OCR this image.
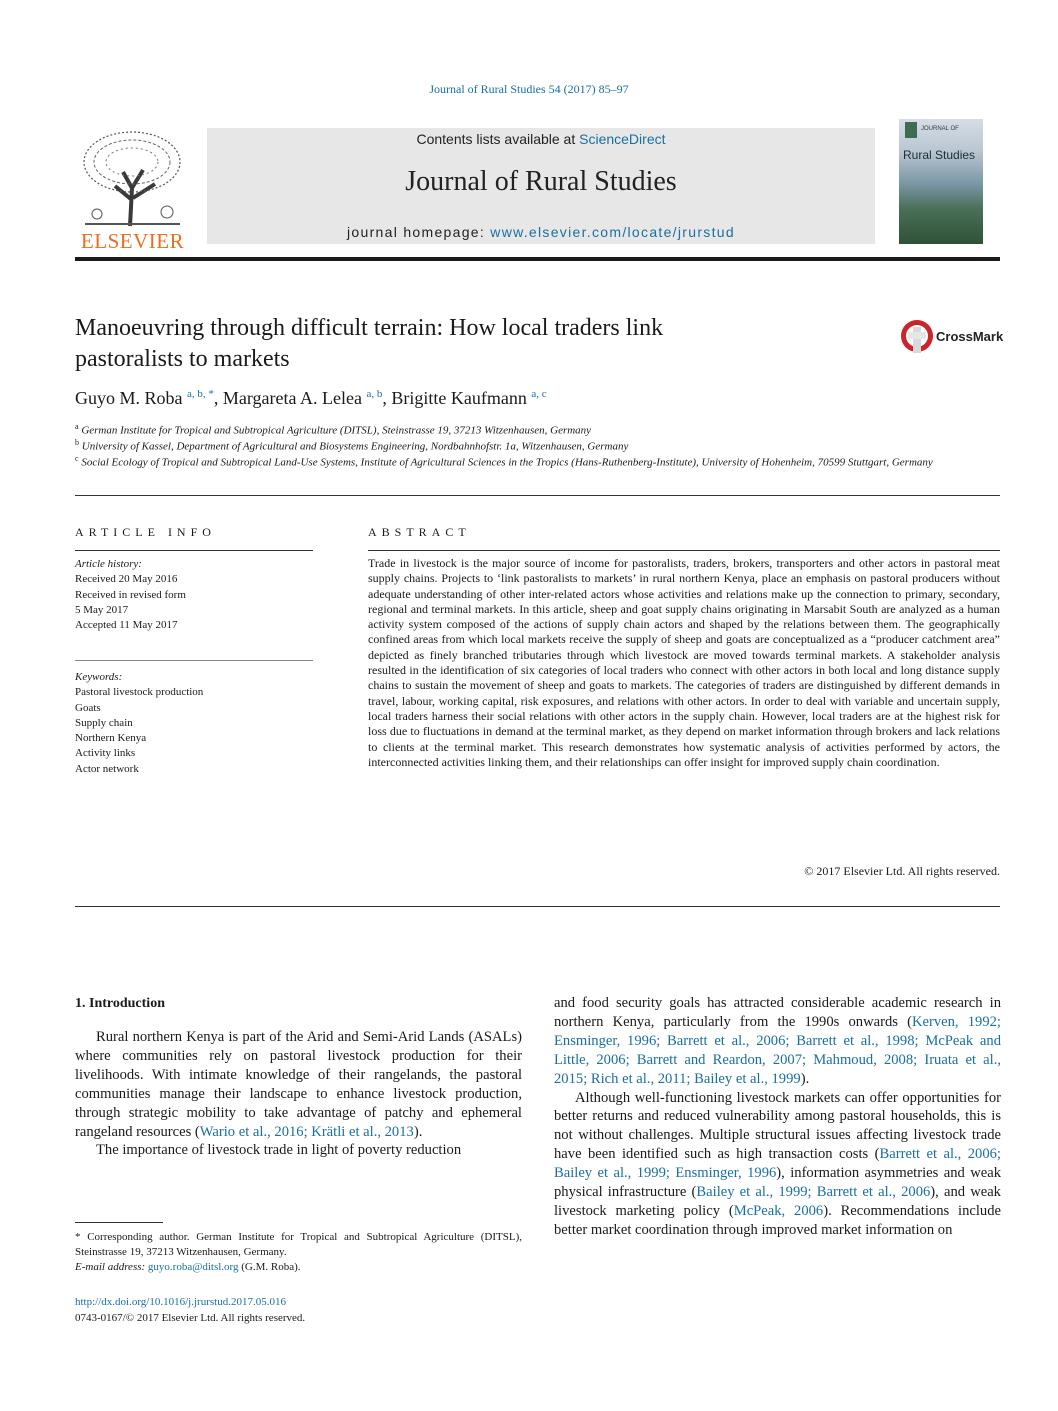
Journal of Rural Studies 54 (2017) 85–97
ELSEVIER
Contents lists available at ScienceDirect
Journal of Rural Studies
journal homepage: www.elsevier.com/locate/jrurstud
JOURNAL OF
Rural Studies
Manoeuvring through difficult terrain: How local traders link
pastoralists to markets
CrossMark
Guyo M. Roba $^{a, b, *}$, Margareta A. Lelea $^{a, b}$, Brigitte Kaufmann $^{a, c}$
$^a$ German Institute for Tropical and Subtropical Agriculture (DITSL), Steinstrasse 19, 37213 Witzenhausen, Germany
$^b$ University of Kassel, Department of Agricultural and Biosystems Engineering, Nordbahnhofstr. 1a, Witzenhausen, Germany
$^c$ Social Ecology of Tropical and Subtropical Land-Use Systems, Institute of Agricultural Sciences in the Tropics (Hans-Ruthenberg-Institute), University of Hohenheim, 70599 Stuttgart, Germany
ARTICLE INFO
Article history:
Received 20 May 2016
Received in revised form
5 May 2017
Accepted 11 May 2017
Keywords:
Pastoral livestock production
Goats
Supply chain
Northern Kenya
Activity links
Actor network
ABSTRACT
Trade in livestock is the major source of income for pastoralists, traders, brokers, transporters and other actors in pastoral meat supply chains. Projects to ‘link pastoralists to markets’ in rural northern Kenya, place an emphasis on pastoral producers without adequate understanding of other inter-related actors whose activities and relations make up the connection to primary, secondary, regional and terminal markets. In this article, sheep and goat supply chains originating in Marsabit South are analyzed as a human activity system composed of the actions of supply chain actors and shaped by the relations between them. The geographically confined areas from which local markets receive the supply of sheep and goats are conceptualized as a “producer catchment area” depicted as finely branched tributaries through which livestock are moved towards terminal markets. A stakeholder analysis resulted in the identification of six categories of local traders who connect with other actors in both local and long distance supply chains to sustain the movement of sheep and goats to markets. The categories of traders are distinguished by different demands in travel, labour, working capital, risk exposures, and relations with other actors. In order to deal with variable and uncertain supply, local traders harness their social relations with other actors in the supply chain. However, local traders are at the highest risk for loss due to fluctuations in demand at the terminal market, as they depend on market information through brokers and lack relations to clients at the terminal market. This research demonstrates how systematic analysis of activities performed by actors, the interconnected activities linking them, and their relationships can offer insight for improved supply chain coordination.
© 2017 Elsevier Ltd. All rights reserved.
1. Introduction

Rural northern Kenya is part of the Arid and Semi-Arid Lands (ASALs) where communities rely on pastoral livestock production for their livelihoods. With intimate knowledge of their rangelands, the pastoral communities manage their landscape to enhance livestock production, through strategic mobility to take advantage of patchy and ephemeral rangeland resources (Wario et al., 2016; Krätli et al., 2013).

The importance of livestock trade in light of poverty reduction

and food security goals has attracted considerable academic research in northern Kenya, particularly from the 1990s onwards (Kerven, 1992; Ensminger, 1996; Barrett et al., 2006; Barrett et al., 1998; McPeak and Little, 2006; Barrett and Reardon, 2007; Mahmoud, 2008; Iruata et al., 2015; Rich et al., 2011; Bailey et al., 1999).

Although well-functioning livestock markets can offer opportunities for better returns and reduced vulnerability among pastoral households, this is not without challenges. Multiple structural issues affecting livestock trade have been identified such as high transaction costs (Barrett et al., 2006; Bailey et al., 1999; Ensminger, 1996), information asymmetries and weak physical infrastructure (Bailey et al., 1999; Barrett et al., 2006), and weak livestock marketing policy (McPeak, 2006). Recommendations include better market coordination through improved market information on

* Corresponding author. German Institute for Tropical and Subtropical Agriculture (DITSL), Steinstrasse 19, 37213 Witzenhausen, Germany.
E-mail address: guyo.roba@ditsl.org (G.M. Roba).
http://dx.doi.org/10.1016/j.jrurstud.2017.05.016
0743-0167/© 2017 Elsevier Ltd. All rights reserved.
